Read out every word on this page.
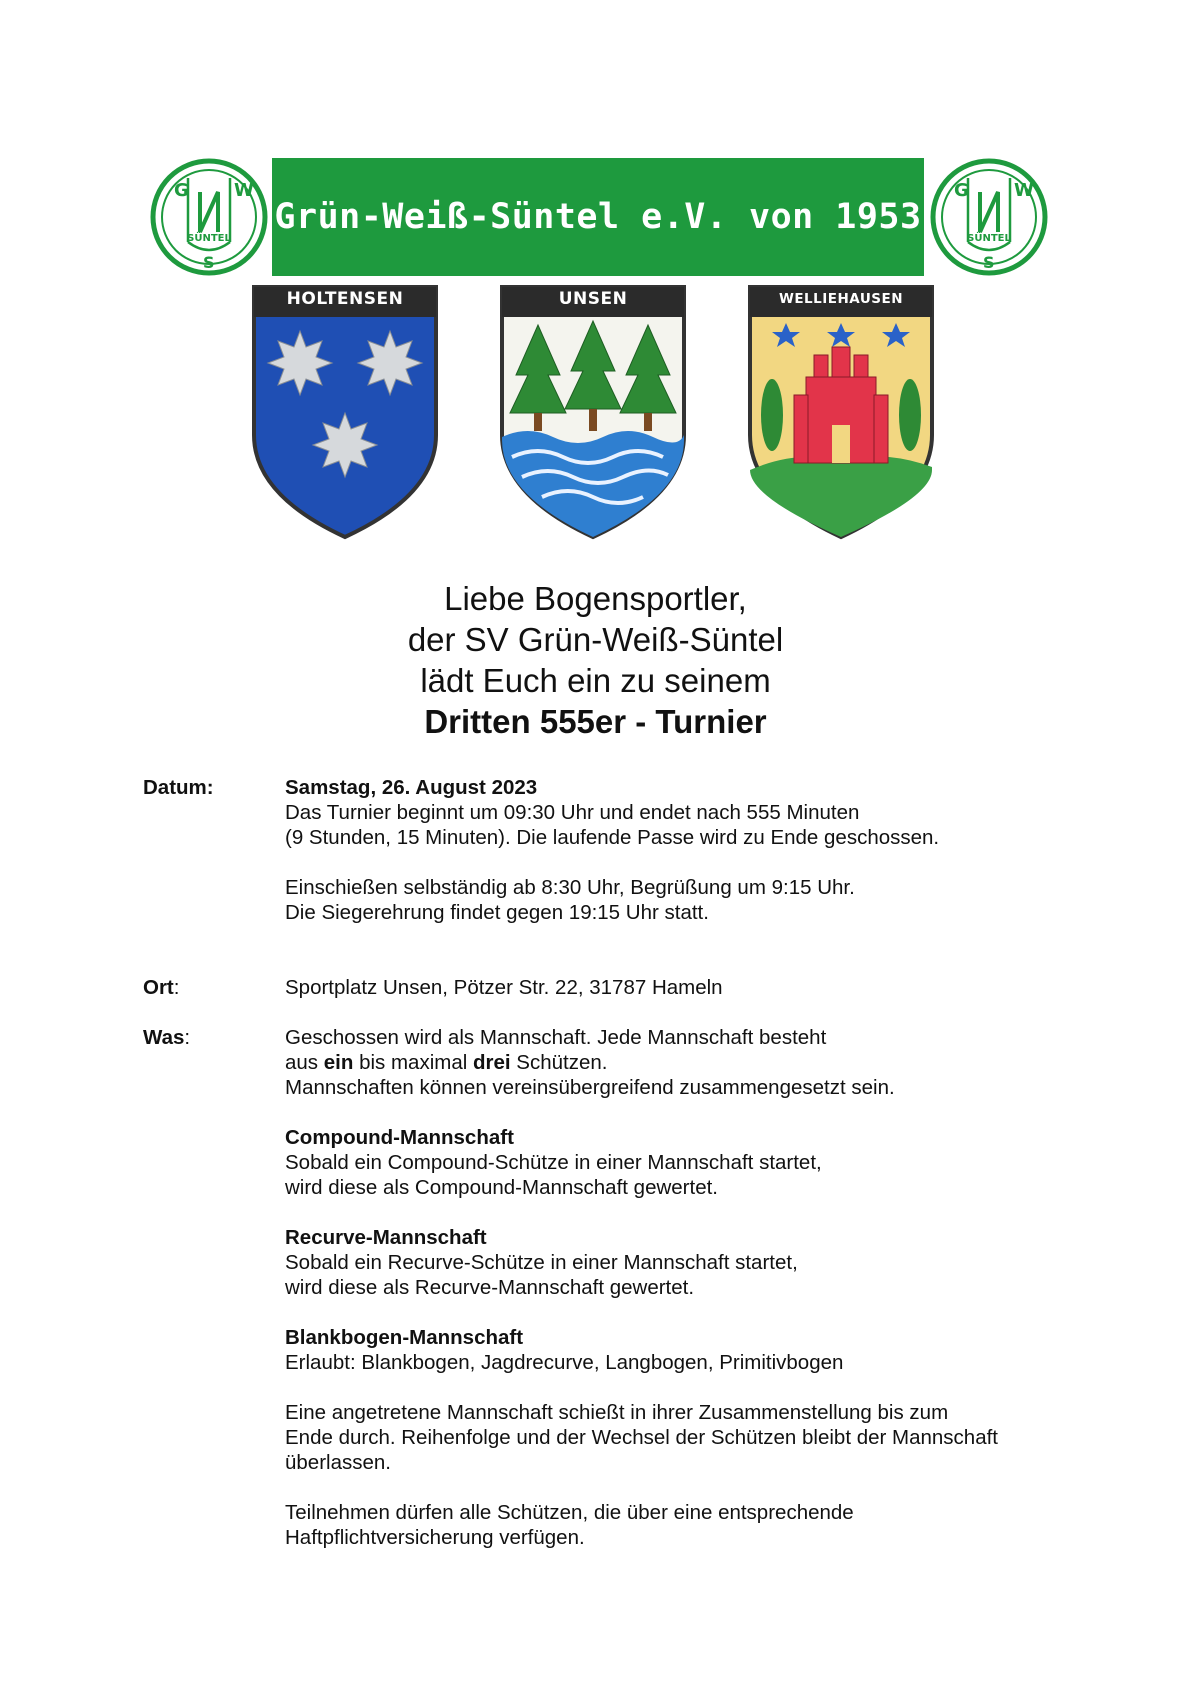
G	W
SÜNTEL
S
Grün-Weiß-Süntel e.V. von 1953
G	W
SÜNTEL
S
HOLTENSEN	UNSEN	WELLIEHAUSEN
Liebe Bogensportler,
der SV Grün-Weiß-Süntel
lädt Euch ein zu seinem
Dritten 555er - Turnier
Datum:	Samstag, 26. August 2023
Das Turnier beginnt um 09:30 Uhr und endet nach 555 Minuten
(9 Stunden, 15 Minuten). Die laufende Passe wird zu Ende geschossen.
Einschießen selbständig ab 8:30 Uhr, Begrüßung um 9:15 Uhr.
Die Siegerehrung findet gegen 19:15 Uhr statt.
Ort:	Sportplatz Unsen, Pötzer Str. 22, 31787 Hameln
Was:	Geschossen wird als Mannschaft. Jede Mannschaft besteht
aus ein bis maximal drei Schützen.
Mannschaften können vereinsübergreifend zusammengesetzt sein.
Compound-Mannschaft
Sobald ein Compound-Schütze in einer Mannschaft startet,
wird diese als Compound-Mannschaft gewertet.
Recurve-Mannschaft
Sobald ein Recurve-Schütze in einer Mannschaft startet,
wird diese als Recurve-Mannschaft gewertet.
Blankbogen-Mannschaft
Erlaubt: Blankbogen, Jagdrecurve, Langbogen, Primitivbogen
Eine angetretene Mannschaft schießt in ihrer Zusammenstellung bis zum
Ende durch. Reihenfolge und der Wechsel der Schützen bleibt der Mannschaft
überlassen.
Teilnehmen dürfen alle Schützen, die über eine entsprechende
Haftpflichtversicherung verfügen.
